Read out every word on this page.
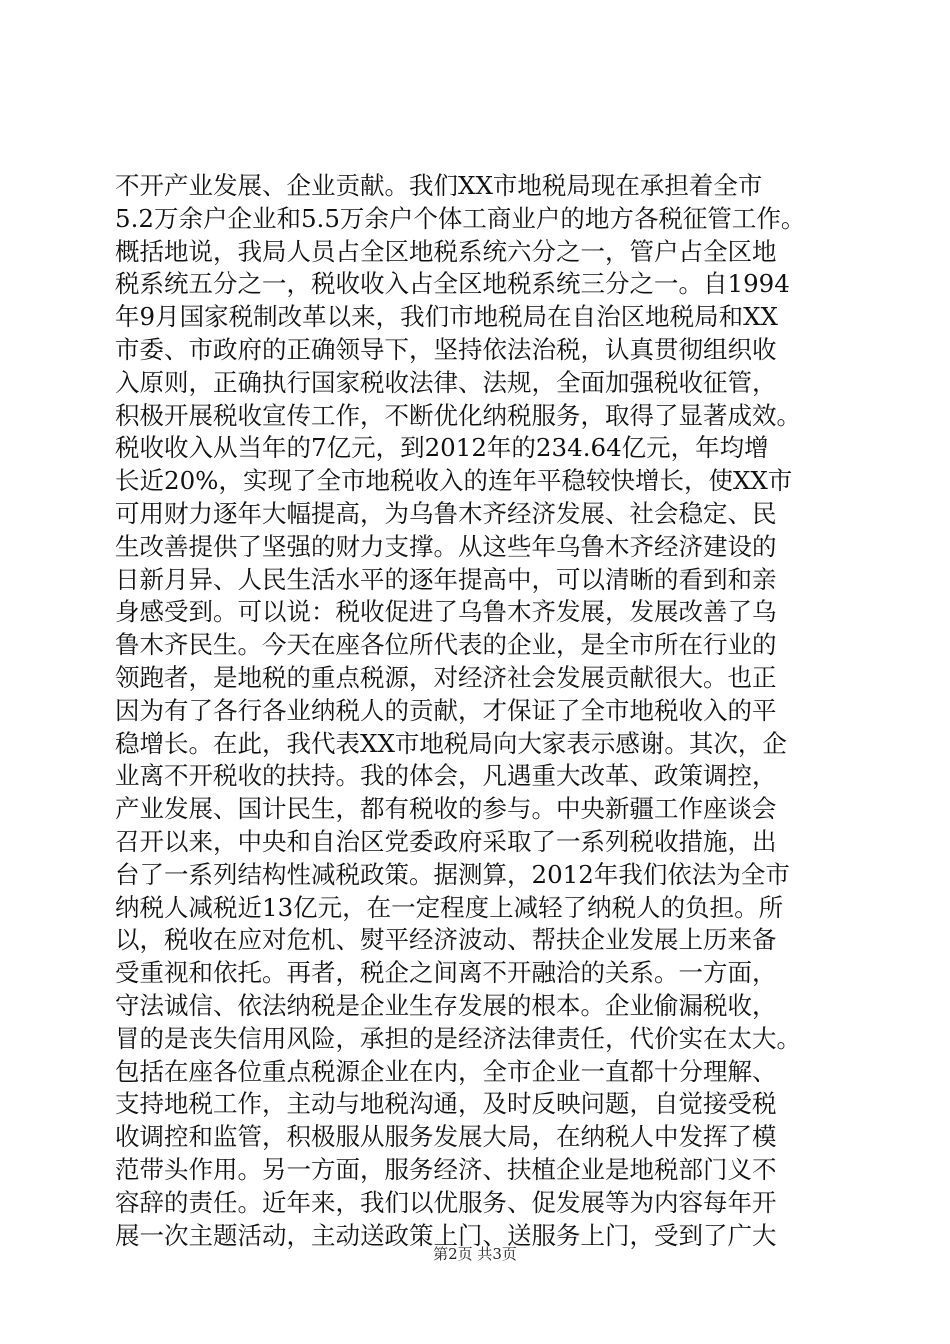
不开产业发展、企业贡献。我们XX市地税局现在承担着全市
5.2万余户企业和5.5万余户个体工商业户的地方各税征管工作。
概括地说，我局人员占全区地税系统六分之一，管户占全区地
税系统五分之一，税收收入占全区地税系统三分之一。自1994
年9月国家税制改革以来，我们市地税局在自治区地税局和XX
市委、市政府的正确领导下，坚持依法治税，认真贯彻组织收
入原则，正确执行国家税收法律、法规，全面加强税收征管，
积极开展税收宣传工作，不断优化纳税服务，取得了显著成效。
税收收入从当年的7亿元，到2012年的234.64亿元，年均增
长近20%，实现了全市地税收入的连年平稳较快增长，使XX市
可用财力逐年大幅提高，为乌鲁木齐经济发展、社会稳定、民
生改善提供了坚强的财力支撑。从这些年乌鲁木齐经济建设的
日新月异、人民生活水平的逐年提高中，可以清晰的看到和亲
身感受到。可以说：税收促进了乌鲁木齐发展，发展改善了乌
鲁木齐民生。今天在座各位所代表的企业，是全市所在行业的
领跑者，是地税的重点税源，对经济社会发展贡献很大。也正
因为有了各行各业纳税人的贡献，才保证了全市地税收入的平
稳增长。在此，我代表XX市地税局向大家表示感谢。其次，企
业离不开税收的扶持。我的体会，凡遇重大改革、政策调控，
产业发展、国计民生，都有税收的参与。中央新疆工作座谈会
召开以来，中央和自治区党委政府采取了一系列税收措施，出
台了一系列结构性减税政策。据测算，2012年我们依法为全市
纳税人减税近13亿元，在一定程度上减轻了纳税人的负担。所
以，税收在应对危机、熨平经济波动、帮扶企业发展上历来备
受重视和依托。再者，税企之间离不开融洽的关系。一方面，
守法诚信、依法纳税是企业生存发展的根本。企业偷漏税收，
冒的是丧失信用风险，承担的是经济法律责任，代价实在太大。
包括在座各位重点税源企业在内，全市企业一直都十分理解、
支持地税工作，主动与地税沟通，及时反映问题，自觉接受税
收调控和监管，积极服从服务发展大局，在纳税人中发挥了模
范带头作用。另一方面，服务经济、扶植企业是地税部门义不
容辞的责任。近年来，我们以优服务、促发展等为内容每年开
展一次主题活动，主动送政策上门、送服务上门，受到了广大
第2页 共3页
